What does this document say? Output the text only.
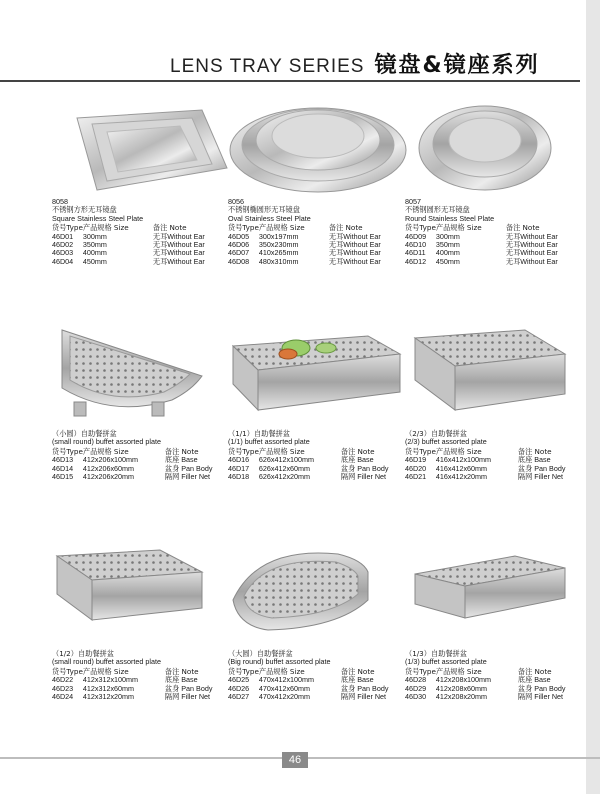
LENS TRAY SERIES 镜盘&镜座系列
8058
不锈钢方形无耳镜盘
Square Stainless Steel Plate
货号Type	产品规格 Size	备注 Note
46D01	300mm	无耳Without Ear
46D02	350mm	无耳Without Ear
46D03	400mm	无耳Without Ear
46D04	450mm	无耳Without Ear
8056
不锈钢椭圆形无耳镜盘
Oval Stainless Steel Plate
货号Type	产品规格 Size	备注 Note
46D05	300x197mm	无耳Without Ear
46D06	350x230mm	无耳Without Ear
46D07	410x265mm	无耳Without Ear
46D08	480x310mm	无耳Without Ear
8057
不锈钢圆形无耳镜盘
Round Stainless Steel Plate
货号Type	产品规格 Size	备注 Note
46D09	300mm	无耳Without Ear
46D10	350mm	无耳Without Ear
46D11	400mm	无耳Without Ear
46D12	450mm	无耳Without Ear
（小圆）自助餐拼盆
(small round) buffet assorted plate
货号Type	产品规格 Size	备注 Note
46D13	412x206x100mm	底座 Base
46D14	412x206x60mm	盆身 Pan Body
46D15	412x206x20mm	隔网 Filler Net
（1/1）自助餐拼盆
(1/1) buffet assorted plate
货号Type	产品规格 Size	备注 Note
46D16	626x412x100mm	底座 Base
46D17	626x412x60mm	盆身 Pan Body
46D18	626x412x20mm	隔网 Filler Net
（2/3）自助餐拼盆
(2/3) buffet assorted plate
货号Type	产品规格 Size	备注 Note
46D19	416x412x100mm	底座 Base
46D20	416x412x60mm	盆身 Pan Body
46D21	416x412x20mm	隔网 Filler Net
（1/2）自助餐拼盆
(small round) buffet assorted plate
货号Type	产品规格 Size	备注 Note
46D22	412x312x100mm	底座 Base
46D23	412x312x60mm	盆身 Pan Body
46D24	412x312x20mm	隔网 Filler Net
（大圆）自助餐拼盆
(Big round) buffet assorted plate
货号Type	产品规格 Size	备注 Note
46D25	470x412x100mm	底座 Base
46D26	470x412x60mm	盆身 Pan Body
46D27	470x412x20mm	隔网 Filler Net
（1/3）自助餐拼盆
(1/3) buffet assorted plate
货号Type	产品规格 Size	备注 Note
46D28	412x208x100mm	底座 Base
46D29	412x208x60mm	盆身 Pan Body
46D30	412x208x20mm	隔网 Filler Net
46
